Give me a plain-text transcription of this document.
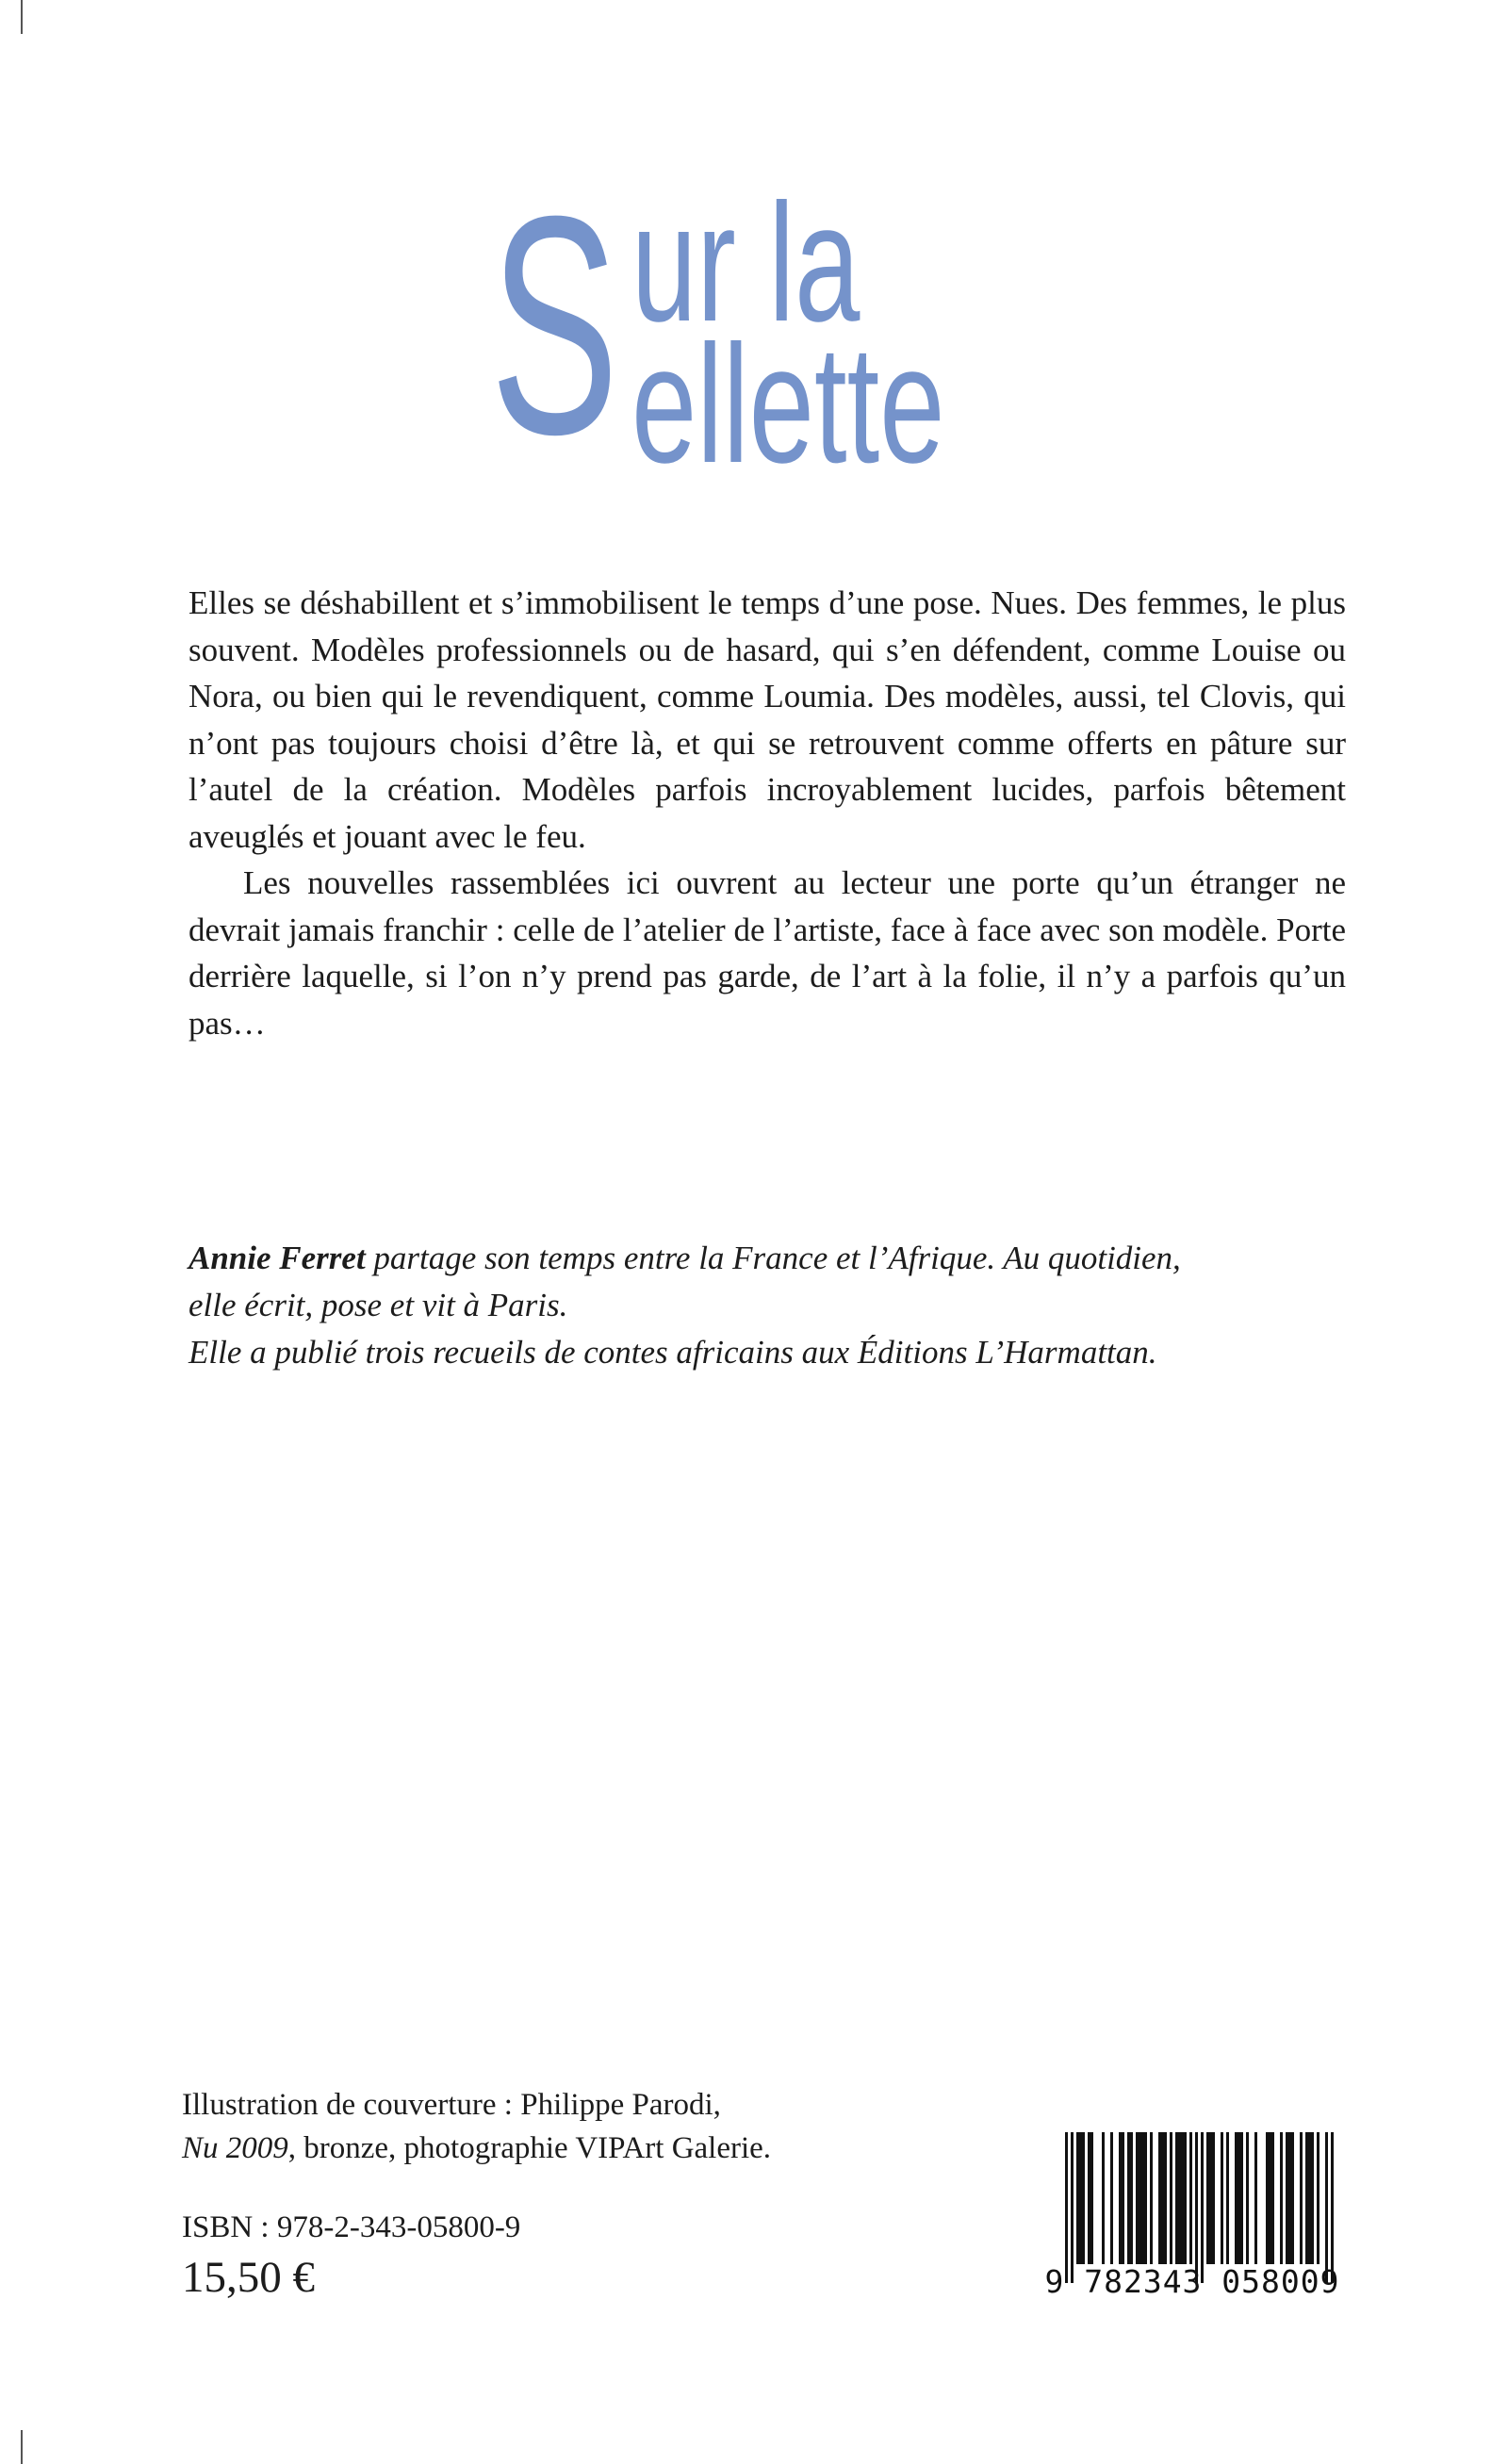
S ur la
ellette

Elles se déshabillent et s’immobilisent le temps d’une pose. Nues. Des femmes, le plus souvent. Modèles professionnels ou de hasard, qui s’en défendent, comme Louise ou Nora, ou bien qui le revendiquent, comme Loumia. Des modèles, aussi, tel Clovis, qui n’ont pas toujours choisi d’être là, et qui se retrouvent comme offerts en pâture sur l’autel de la création. Modèles parfois incroyablement lucides, parfois bêtement aveuglés et jouant avec le feu.

Les nouvelles rassemblées ici ouvrent au lecteur une porte qu’un étranger ne devrait jamais franchir : celle de l’atelier de l’artiste, face à face avec son modèle. Porte derrière laquelle, si l’on n’y prend pas garde, de l’art à la folie, il n’y a parfois qu’un pas…

Annie Ferret partage son temps entre la France et l’Afrique. Au quotidien,

elle écrit, pose et vit à Paris.

Elle a publié trois recueils de contes africains aux Éditions L’Harmattan.

Illustration de couverture : Philippe Parodi,

Nu 2009, bronze, photographie VIPArt Galerie.

ISBN : 978-2-343-05800-9
15,50 €	9 782343 058009
